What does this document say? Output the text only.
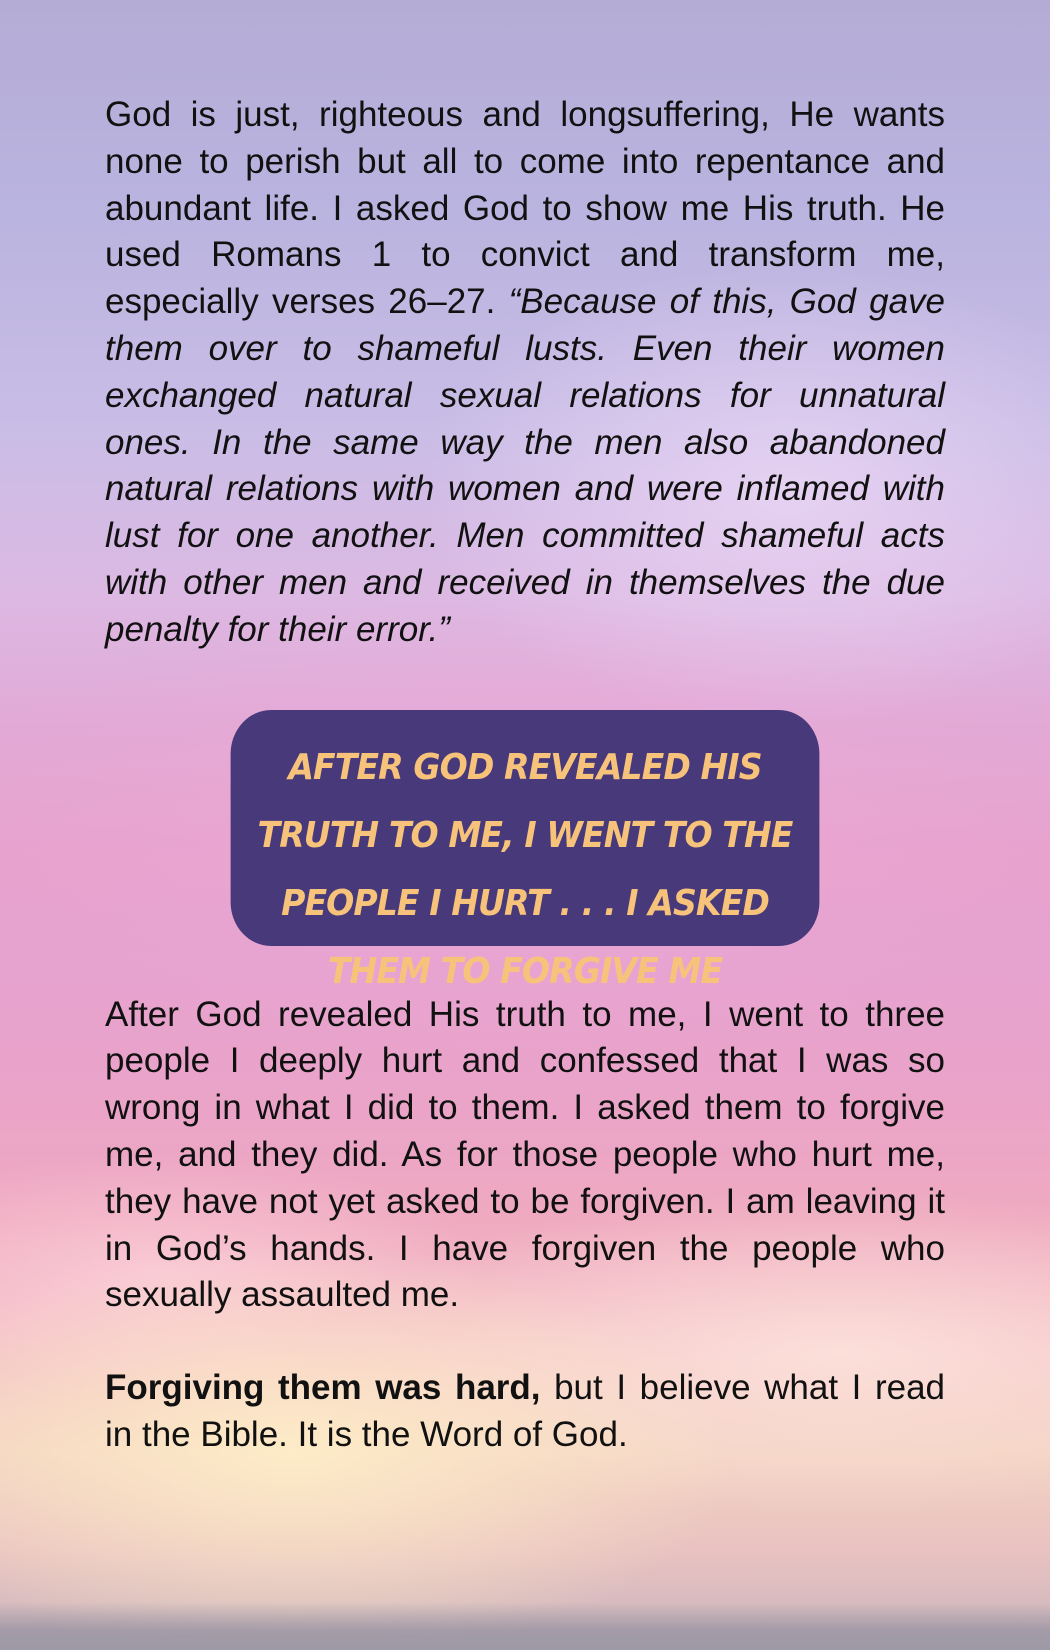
God is just, righteous and longsuffering, He wants none to perish but all to come into repentance and abundant life. I asked God to show me His truth. He used Romans 1 to convict and transform me, especially verses 26–27. “Because of this, God gave them over to shameful lusts. Even their women exchanged natural sexual relations for unnatural ones. In the same way the men also abandoned natural relations with women and were inflamed with lust for one another. Men committed shameful acts with other men and received in themselves the due penalty for their error.”

AFTER GOD REVEALED HIS TRUTH TO ME, I WENT TO THE PEOPLE I HURT . . . I ASKED THEM TO FORGIVE ME

After God revealed His truth to me, I went to three people I deeply hurt and confessed that I was so wrong in what I did to them. I asked them to forgive me, and they did. As for those people who hurt me, they have not yet asked to be forgiven. I am leaving it in God’s hands. I have forgiven the people who sexually assaulted me.

Forgiving them was hard, but I believe what I read in the Bible. It is the Word of God.
